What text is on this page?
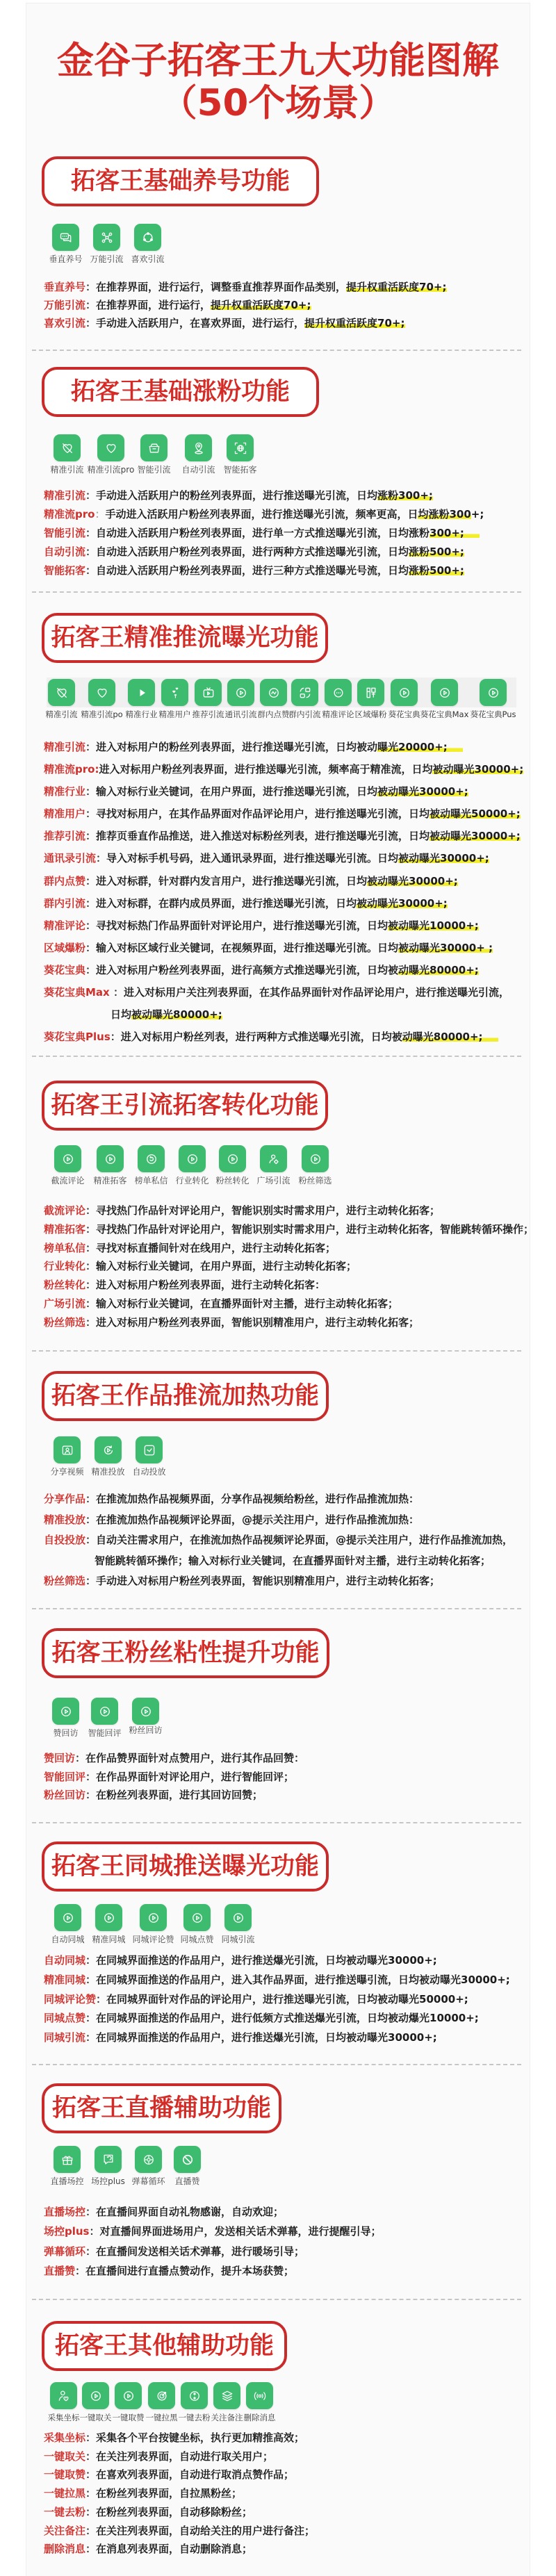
金谷子拓客王九大功能图解
（50个场景）
拓客王基础养号功能
垂直养号 万能引流 喜欢引流
垂直养号：在推荐界面，进行运行，调整垂直推荐界面作品类别，提升权重活跃度70+;
万能引流：在推荐界面，进行运行，提升权重活跃度70+;
喜欢引流：手动进入活跃用户，在喜欢界面，进行运行，提升权重活跃度70+;
拓客王基础涨粉功能
精准引流 精准引流pro 智能引流	自动引流 智能拓客
精准引流：手动进入活跃用户的粉丝列表界面，进行推送曝光引流，日均涨粉300+;
精准流pro：手动进入活跃用户粉丝列表界面，进行推送曝光引流，频率更高，日均涨粉300+;
智能引流：自动进入活跃用户粉丝列表界面，进行单一方式推送曝光引流，日均涨粉300+;
自动引流：自动进入活跃用户粉丝列表界面，进行两种方式推送曝光引流，日均涨粉500+;
智能拓客：自动进入活跃用户粉丝列表界面，进行三种方式推送曝光号流，日均涨粉500+;
拓客王精准推流曝光功能
精准引流 精准引流po 精准行业 精准用户 推荐引流 通讯引流 群内点赞 群内引流 精准评论 区域爆粉 葵花宝典 葵花宝典Max 葵花宝典Pus
精准引流：进入对标用户的粉丝列表界面，进行推送曝光引流，日均被动曝光20000+;
精准流pro:进入对标用户粉丝列表界面，进行推送曝光引流，频率高于精准流，日均被动曝光30000+;
精准行业：输入对标行业关键词，在用户界面，进行推送曝光引流，日均被动曝光30000+;
精准用户：寻找对标用户，在其作品界面对作品评论用户，进行推送曝光引流，日均被动曝光50000+;
推荐引流：推荐页垂直作品推送，进入推送对标粉丝列表，进行推送曝光引流，日均被动曝光30000+;
通讯录引流：导入对标手机号码，进入通讯录界面，进行推送曝光引流。日均被动曝光30000+;
群内点赞：进入对标群，针对群内发言用户，进行推送曝光引流，日均被动曝光30000+;
群内引流：进入对标群，在群内成员界面，进行推送曝光引流，日均被动曝光30000+;
精准评论：寻找对标热门作品界面针对评论用户，进行推送曝光引流，日均被动曝光10000+;
区域爆粉：输入对标区域行业关键词，在视频界面，进行推送曝光引流。日均被动曝光30000+ ;
葵花宝典：进入对标用户粉丝列表界面，进行高频方式推送曝光引流，日均被动曝光80000+;
葵花宝典Max ：进入对标用户关注列表界面，在其作品界面针对作品评论用户，进行推送曝光引流，
日均被动曝光80000+;
葵花宝典Plus：进入对标用户粉丝列表，进行两种方式推送曝光引流，日均被动曝光80000+;
拓客王引流拓客转化功能
截流评论	精准拓客 榜单私信 行业转化 粉丝转化 广场引流 粉丝筛选
截流评论：寻找热门作品针对评论用户，智能识别实时需求用户，进行主动转化拓客；
精准拓客：寻找热门作品针对评论用户，智能识别实时需求用户，进行主动转化拓客，智能跳转循环操作；
榜单私信：寻找对标直播间针对在线用户，进行主动转化拓客；
行业转化：输入对标行业关键词，在用户界面，进行主动转化拓客；
粉丝转化：进入对标用户粉丝列表界面，进行主动转化拓客：
广场引流：输入对标行业关键词，在直播界面针对主播，进行主动转化拓客；
粉丝筛选：进入对标用户粉丝列表界面，智能识别精准用户，进行主动转化拓客；
拓客王作品推流加热功能
分享视频 精准投放 自动投放
分享作品：在推流加热作品视频界面，分享作品视频给粉丝，进行作品推流加热：
精准投放：在推流加热作品视频评论界面，@提示关注用户，进行作品推流加热：
自投投放：自动关注需求用户，在推流加热作品视频评论界面，@提示关注用户，进行作品推流加热，
智能跳转循环操作；输入对标行业关键词，在直播界面针对主播，进行主动转化拓客；
粉丝筛选：手动进入对标用户粉丝列表界面，智能识别精准用户，进行主动转化拓客；
拓客王粉丝粘性提升功能
赞回访	智能回评 粉丝回访
赞回访：在作品赞界面针对点赞用户，进行其作品回赞：
智能回评：在作品界面针对评论用户，进行智能回评；
粉丝回访：在粉丝列表界面，进行其回访回赞；
拓客王同城推送曝光功能
自动同城 精准同城 同城评论赞 同城点赞 同城引流
自动同城：在同城界面推送的作品用户，进行推送爆光引流，日均被动曝光30000+;
精准同城：在同城界面推送的作品用户，进入其作品界面，进行推送曝引流，日均被动曝光30000+;
同城评论赞：在同城界面针对作品的评论用户，进行推送曝光引流，日均被动曝光50000+;
同城点赞：在同城界面推送的作品用户，进行低频方式推送爆光引流，日均被动爆光10000+;
同城引流：在同城界面推送的作品用户，进行推送爆光引流，日均被动曝光30000+;
拓客王直播辅助功能
直播场控 场控plus 弹幕循环	直播赞
直播场控：在直播间界面自动礼物感谢，自动欢迎；
场控plus：对直播间界面进场用户，发送相关话术弹幕，进行提醒引导；
弹幕循环：在直播间发送相关话术弹幕，进行暖场引导；
直播赞：在直播间进行直播点赞动作，提升本场获赞；
拓客王其他辅助功能
采集坐标 一键取关 一键取赞 一键拉黑 一键去粉 关注备注 删除消息
采集坐标：采集各个平台按键坐标，执行更加精推高效；
一键取关：在关注列表界面，自动进行取关用户；
一键取赞：在喜欢列表界面，自动进行取消点赞作品；
一键拉黑：在粉丝列表界面，自拉黑粉丝；
一键去粉：在粉丝列表界面，自动移除粉丝；
关注备注：在关注列表界面，自动给关注的用户进行备注；
删除消息：在消息列表界面，自动删除消息；
